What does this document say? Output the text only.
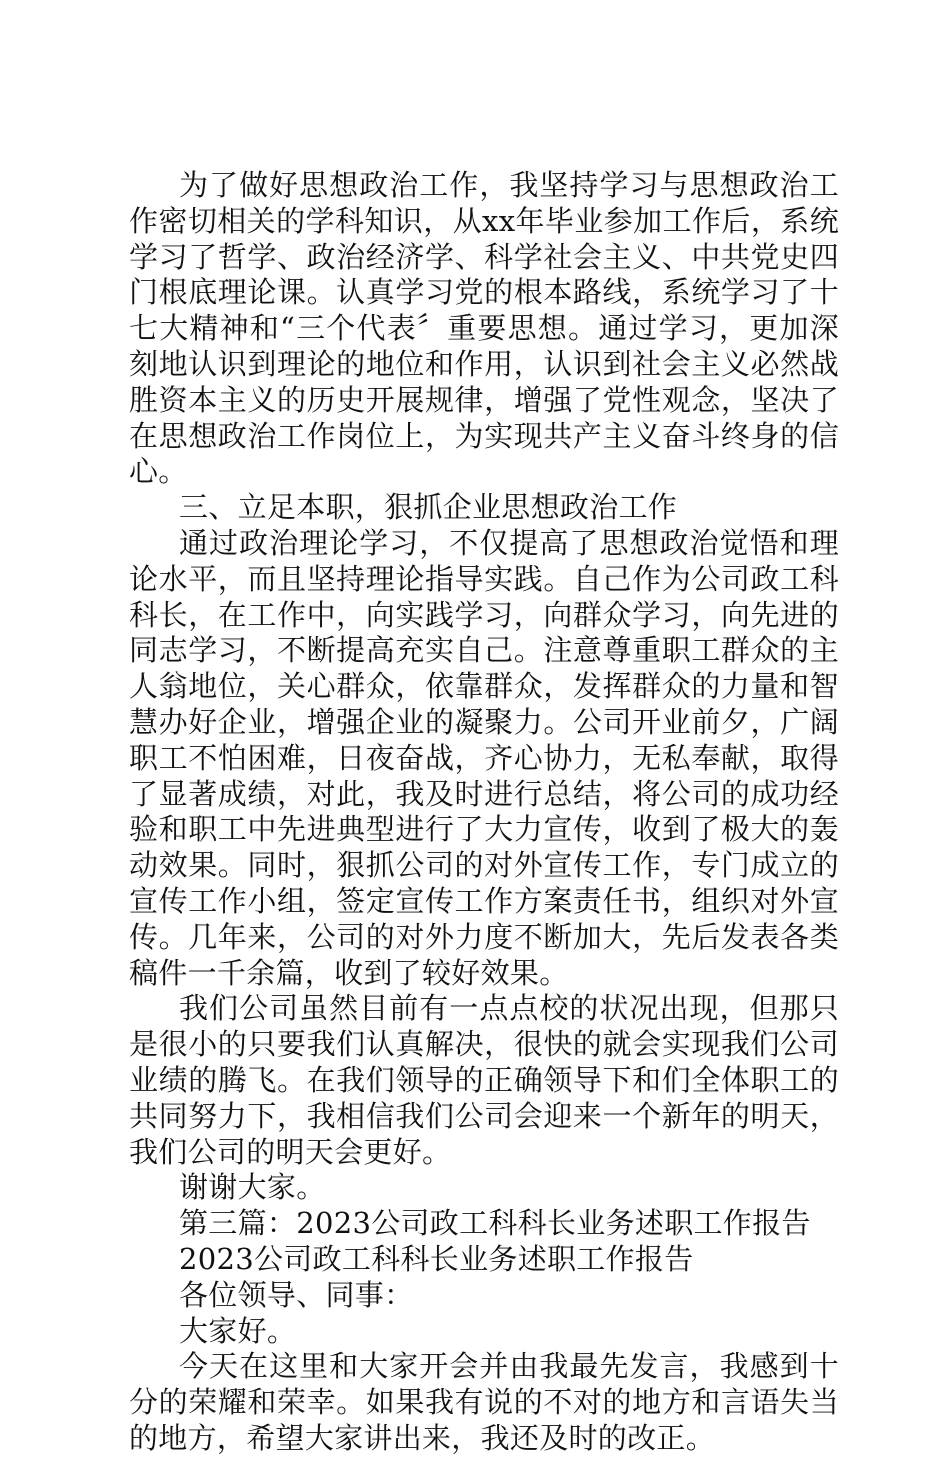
为了做好思想政治工作，我坚持学习与思想政治工作密切相关的学科知识，从xx年毕业参加工作后，系统学习了哲学、政治经济学、科学社会主义、中共党史四门根底理论课。认真学习党的根本路线，系统学习了十七大精神和“三个代表〞重要思想。通过学习，更加深刻地认识到理论的地位和作用，认识到社会主义必然战胜资本主义的历史开展规律，增强了党性观念，坚决了在思想政治工作岗位上，为实现共产主义奋斗终身的信心。

三、立足本职，狠抓企业思想政治工作

通过政治理论学习，不仅提高了思想政治觉悟和理论水平，而且坚持理论指导实践。自己作为公司政工科科长，在工作中，向实践学习，向群众学习，向先进的同志学习，不断提高充实自己。注意尊重职工群众的主人翁地位，关心群众，依靠群众，发挥群众的力量和智慧办好企业，增强企业的凝聚力。公司开业前夕，广阔职工不怕困难，日夜奋战，齐心协力，无私奉献，取得了显著成绩，对此，我及时进行总结，将公司的成功经验和职工中先进典型进行了大力宣传，收到了极大的轰动效果。同时，狠抓公司的对外宣传工作，专门成立的宣传工作小组，签定宣传工作方案责任书，组织对外宣传。几年来，公司的对外力度不断加大，先后发表各类稿件一千余篇，收到了较好效果。

我们公司虽然目前有一点点校的状况出现，但那只是很小的只要我们认真解决，很快的就会实现我们公司业绩的腾飞。在我们领导的正确领导下和们全体职工的共同努力下，我相信我们公司会迎来一个新年的明天，我们公司的明天会更好。

谢谢大家。

第三篇：2023公司政工科科长业务述职工作报告

2023公司政工科科长业务述职工作报告

各位领导、同事：

大家好。

今天在这里和大家开会并由我最先发言，我感到十分的荣耀和荣幸。如果我有说的不对的地方和言语失当的地方，希望大家讲出来，我还及时的改正。
